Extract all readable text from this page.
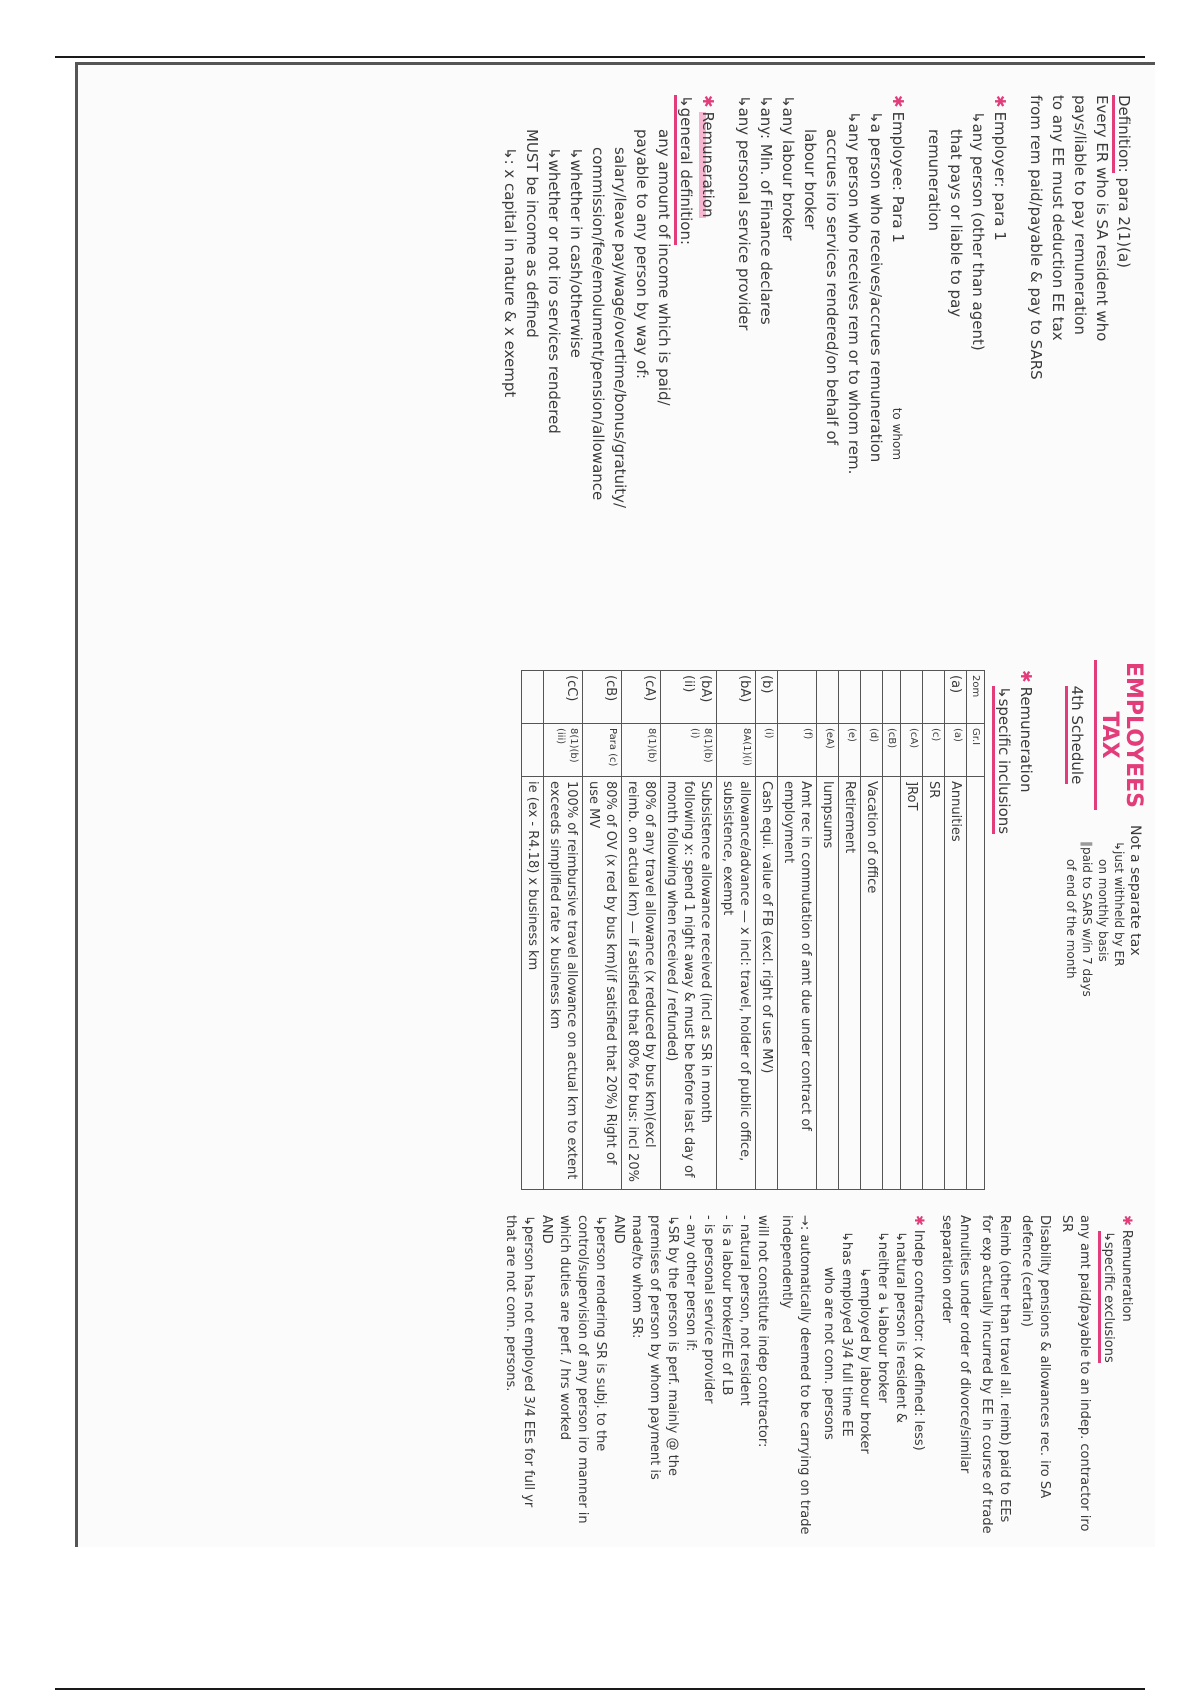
Definition: para 2(1)(a)
Every ER who is SA resident who
pays/liable to pay remuneration
to any EE must deduction EE tax
from rem paid/payable & pay to SARS
✱Employer: para 1
↳any person (other than agent)
that pays or liable to pay
remuneration
✱Employee: Para 1 to whom
↳a person who receives/accrues remuneration
↳any person who receives rem or to whom rem.
accrues iro services rendered/on behalf of
labour broker
↳any labour broker
↳any: Min. of Finance declares
↳any personal service provider
✱Remuneration
↳general definition:
any amount of income which is paid/
payable to any person by way of:
salary/leave pay/wage/overtime/bonus/gratuity/
commission/fee/emolument/pension/allowance
↳whether in cash/otherwise
↳whether or not iro services rendered
MUST be income as defined
↳: x capital in nature & x exempt
EMPLOYEES TAX
4th Schedule
Not a separate tax
↳just withheld by ER
on monthly basis
∥paid to SARS w/in 7 days
of end of the month
✱Remuneration
↳specific inclusions
2om	Gr.I	
(a)	(a)	Annuities
	(c)	SR
	(cA)	]RoT
	(cB)	
	(d)	Vacation of office
	(e)	Retirement
	(eA)	lumpsums
	(f)	Amt rec in commutation of amt due under contract of employment
(b)	(i)	Cash equi. value of FB (excl. right of use MV)
(bA)	8A(1)(i)	allowance/advance — x incl: travel, holder of public office, subsistence, exempt
(bA)(ii)	8(1)(b)(i)	Subsistence allowance received (incl as SR in month following x: spend 1 night away & must be before last day of month following when received / refunded)
(cA)	8(1)(b)	80% of any travel allowance (x reduced by bus km)(excl reimb. on actual km) — if satisfied that 80% for bus: incl 20%
(cB)	Para (c)	80% of OV (x red by bus km)(if satisfied that 20%) Right of use MV
(cC)	8(1)(b)(iii)	100% of reimbursive travel allowance on actual km to extent exceeds simplified rate x business km
		ie (ex - R4.18) x business km
✱Remuneration
↳specific exclusions
any amt paid/payable to an indep. contractor iro SR
Disability pensions & allowances rec. iro SA defence (certain)
Reimb (other than travel all. reimb) paid to EEs for exp actually incurred by EE in course of trade
Annuities under order of divorce/similar separation order
✱Indep contractor: (x defined: less)
↳natural person is resident &
↳neither a ↳labour broker
↳employed by labour broker
↳has employed 3/4 full time EE
who are not conn. persons
→: automatically deemed to be carrying on trade independently
will not constitute indep contractor:
- natural person, not resident
- is a labour broker/EE of LB
- is personal service provider
- any other person if:
↳SR by the person is perf. mainly @ the premises of person by whom payment is made/to whom SR:
AND
↳person rendering SR is subj. to the control/supervision of any person iro manner in which duties are perf. / hrs worked
AND
↳person has not employed 3/4 EEs for full yr that are not conn. persons.
